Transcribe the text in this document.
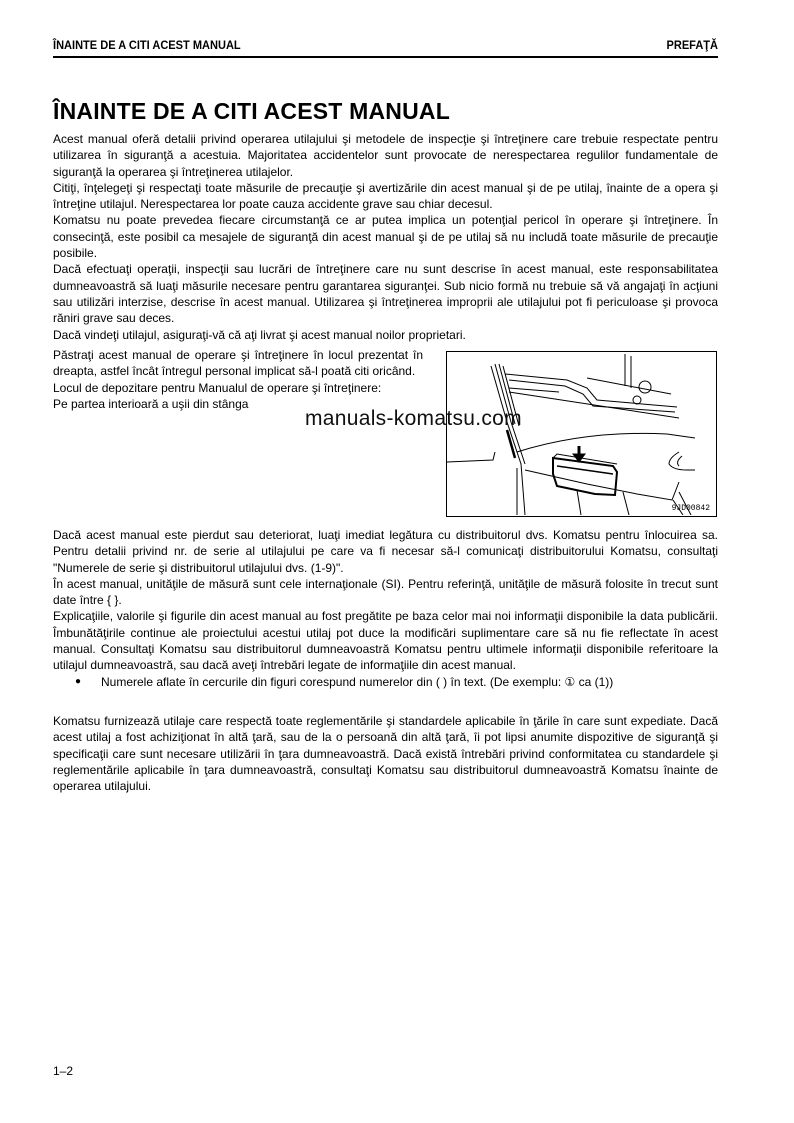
ÎNAINTE DE A CITI ACEST MANUAL	PREFAŢĂ
ÎNAINTE DE A CITI ACEST MANUAL

Acest manual oferă detalii privind operarea utilajului şi metodele de inspecţie şi întreţinere care trebuie respectate pentru utilizarea în siguranţă a acestuia. Majoritatea accidentelor sunt provocate de nerespectarea regulilor fundamentale de siguranţă la operarea şi întreţinerea utilajelor.

Citiţi, înţelegeţi şi respectaţi toate măsurile de precauţie şi avertizările din acest manual şi de pe utilaj, înainte de a opera şi întreţine utilajul. Nerespectarea lor poate cauza accidente grave sau chiar decesul.

Komatsu nu poate prevedea fiecare circumstanţă ce ar putea implica un potenţial pericol în operare şi întreţinere. În consecinţă, este posibil ca mesajele de siguranţă din acest manual şi de pe utilaj să nu includă toate măsurile de precauţie posibile.

Dacă efectuaţi operaţii, inspecţii sau lucrări de întreţinere care nu sunt descrise în acest manual, este responsabilitatea dumneavoastră să luaţi măsurile necesare pentru garantarea siguranţei. Sub nicio formă nu trebuie să vă angajaţi în acţiuni sau utilizări interzise, descrise în acest manual. Utilizarea şi întreţinerea improprii ale utilajului pot fi periculoase şi provoca răniri grave sau deces.

Dacă vindeţi utilajul, asiguraţi-vă că aţi livrat şi acest manual noilor proprietari.

Păstraţi acest manual de operare şi întreţinere în locul prezentat în dreapta, astfel încât întregul personal implicat să-l poată citi oricând.

Locul de depozitare pentru Manualul de operare şi întreţinere:

Pe partea interioară a uşii din stânga

9JD00842
manuals-komatsu.com

Dacă acest manual este pierdut sau deteriorat, luaţi imediat legătura cu distribuitorul dvs. Komatsu pentru înlocuirea sa. Pentru detalii privind nr. de serie al utilajului pe care va fi necesar să-l comunicaţi distribuitorului Komatsu, consultaţi "Numerele de serie şi distribuitorul utilajului dvs. (1-9)".

În acest manual, unităţile de măsură sunt cele internaţionale (SI). Pentru referinţă, unităţile de măsură folosite în trecut sunt date între { }.

Explicaţiile, valorile şi figurile din acest manual au fost pregătite pe baza celor mai noi informaţii disponibile la data publicării. Îmbunătăţirile continue ale proiectului acestui utilaj pot duce la modificări suplimentare care să nu fie reflectate în acest manual. Consultaţi Komatsu sau distribuitorul dumneavoastră Komatsu pentru ultimele informaţii disponibile referitoare la utilajul dumneavoastră, sau dacă aveţi întrebări legate de informaţiile din acest manual.

●	Numerele aflate în cercurile din figuri corespund numerelor din ( ) în text. (De exemplu: ① ca (1))

Komatsu furnizează utilaje care respectă toate reglementările şi standardele aplicabile în ţările în care sunt expediate. Dacă acest utilaj a fost achiziţionat în altă ţară, sau de la o persoană din altă ţară, îi pot lipsi anumite dispozitive de siguranţă şi specificaţii care sunt necesare utilizării în ţara dumneavoastră. Dacă există întrebări privind conformitatea cu standardele şi reglementările aplicabile în ţara dumneavoastră, consultaţi Komatsu sau distribuitorul dumneavoastră Komatsu înainte de operarea utilajului.

1–2
